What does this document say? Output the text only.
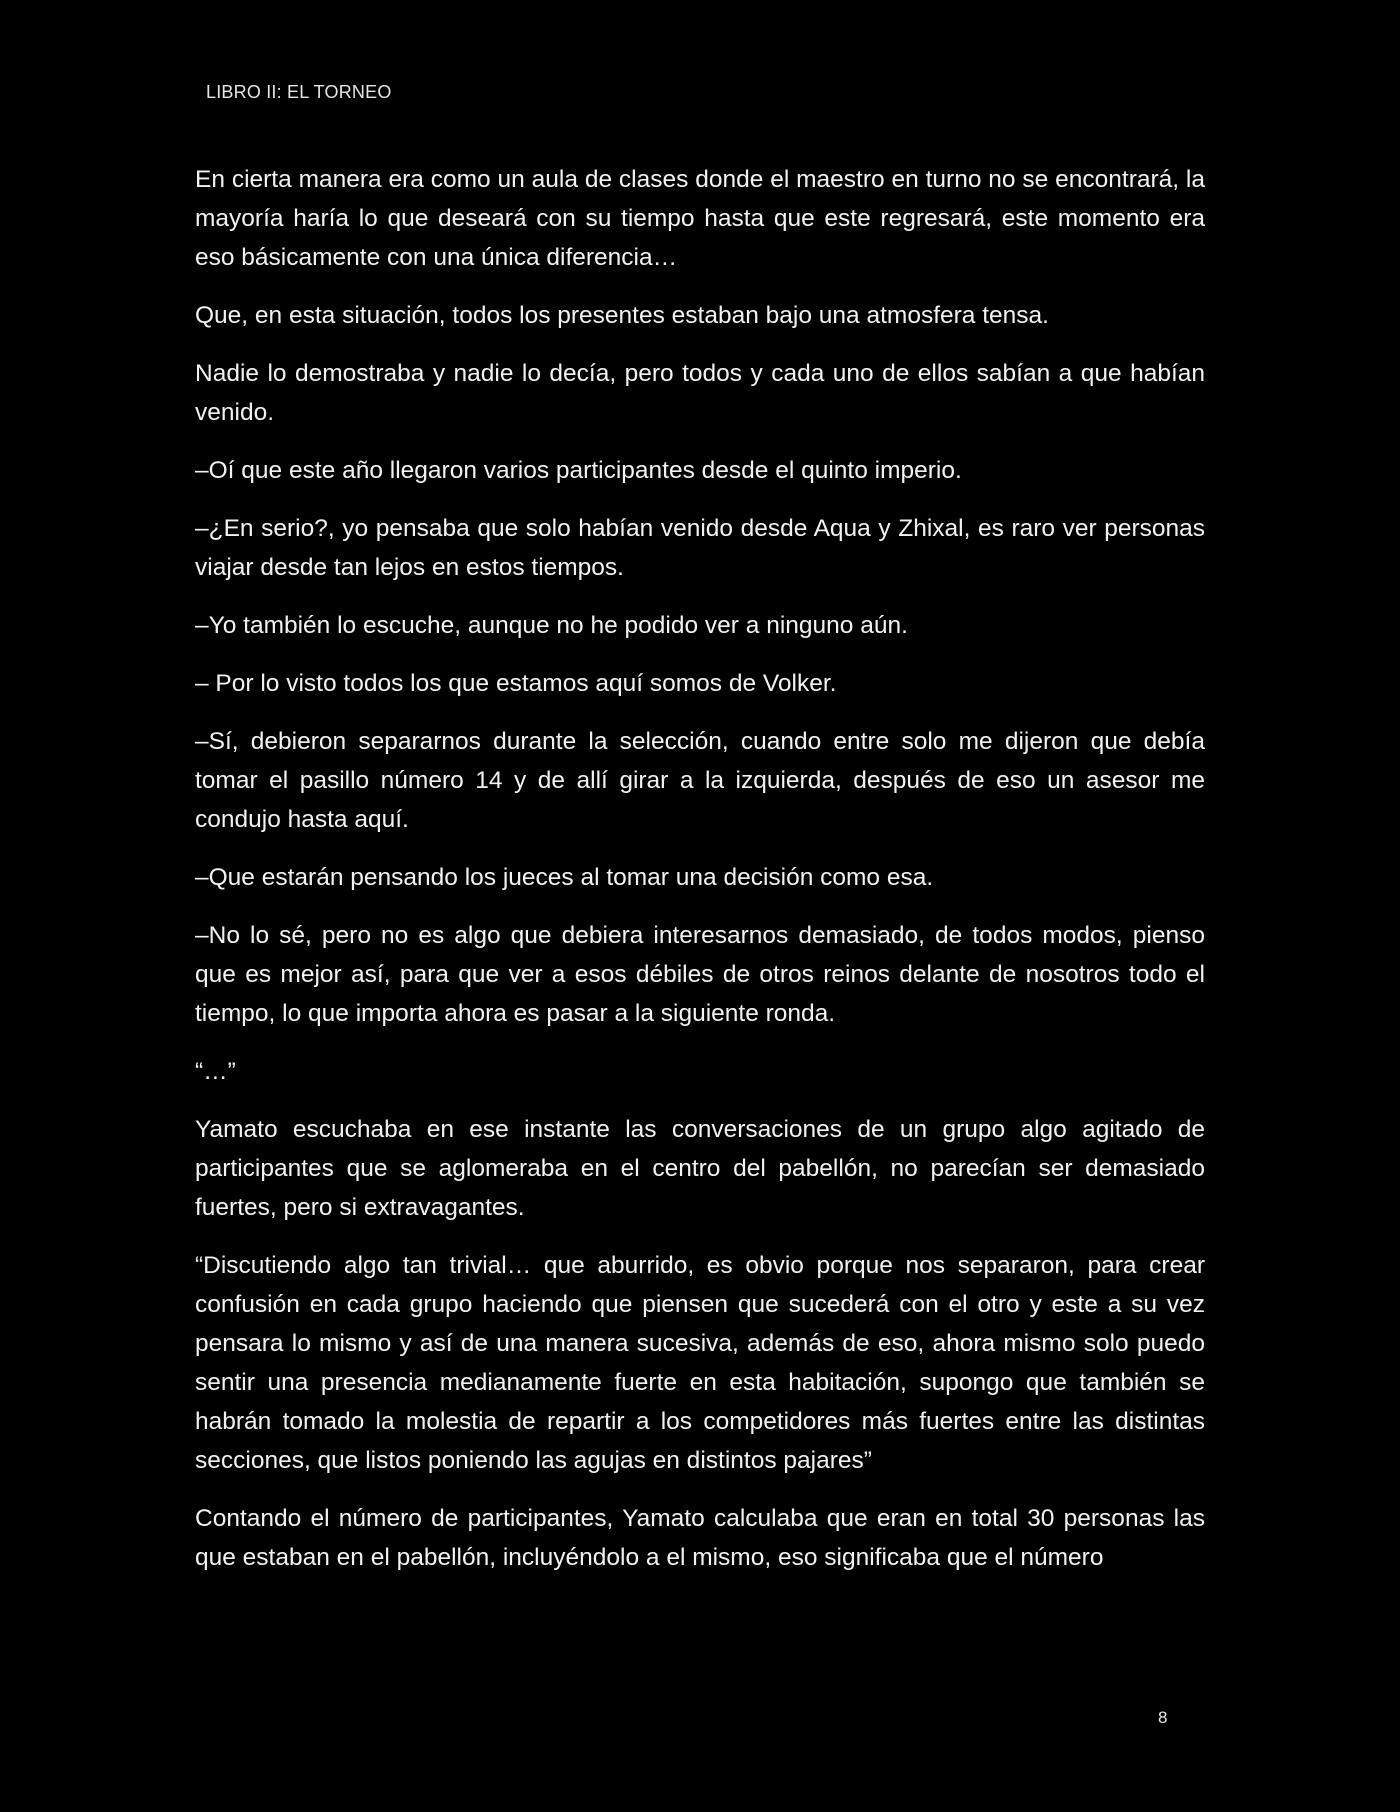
LIBRO II: EL TORNEO

En cierta manera era como un aula de clases donde el maestro en turno no se encontrará, la mayoría haría lo que deseará con su tiempo hasta que este regresará, este momento era eso básicamente con una única diferencia…

Que, en esta situación, todos los presentes estaban bajo una atmosfera tensa.

Nadie lo demostraba y nadie lo decía, pero todos y cada uno de ellos sabían a que habían venido.

–Oí que este año llegaron varios participantes desde el quinto imperio.

–¿En serio?, yo pensaba que solo habían venido desde Aqua y Zhixal, es raro ver personas viajar desde tan lejos en estos tiempos.

–Yo también lo escuche, aunque no he podido ver a ninguno aún.

– Por lo visto todos los que estamos aquí somos de Volker.

–Sí, debieron separarnos durante la selección, cuando entre solo me dijeron que debía tomar el pasillo número 14 y de allí girar a la izquierda, después de eso un asesor me condujo hasta aquí.

–Que estarán pensando los jueces al tomar una decisión como esa.

–No lo sé, pero no es algo que debiera interesarnos demasiado, de todos modos, pienso que es mejor así, para que ver a esos débiles de otros reinos delante de nosotros todo el tiempo, lo que importa ahora es pasar a la siguiente ronda.

“…”

Yamato escuchaba en ese instante las conversaciones de un grupo algo agitado de participantes que se aglomeraba en el centro del pabellón, no parecían ser demasiado fuertes, pero si extravagantes.

“Discutiendo algo tan trivial… que aburrido, es obvio porque nos separaron, para crear confusión en cada grupo haciendo que piensen que sucederá con el otro y este a su vez pensara lo mismo y así de una manera sucesiva, además de eso, ahora mismo solo puedo sentir una presencia medianamente fuerte en esta habitación, supongo que también se habrán tomado la molestia de repartir a los competidores más fuertes entre las distintas secciones, que listos poniendo las agujas en distintos pajares”

Contando el número de participantes, Yamato calculaba que eran en total 30 personas las que estaban en el pabellón, incluyéndolo a el mismo, eso significaba que el número

8
